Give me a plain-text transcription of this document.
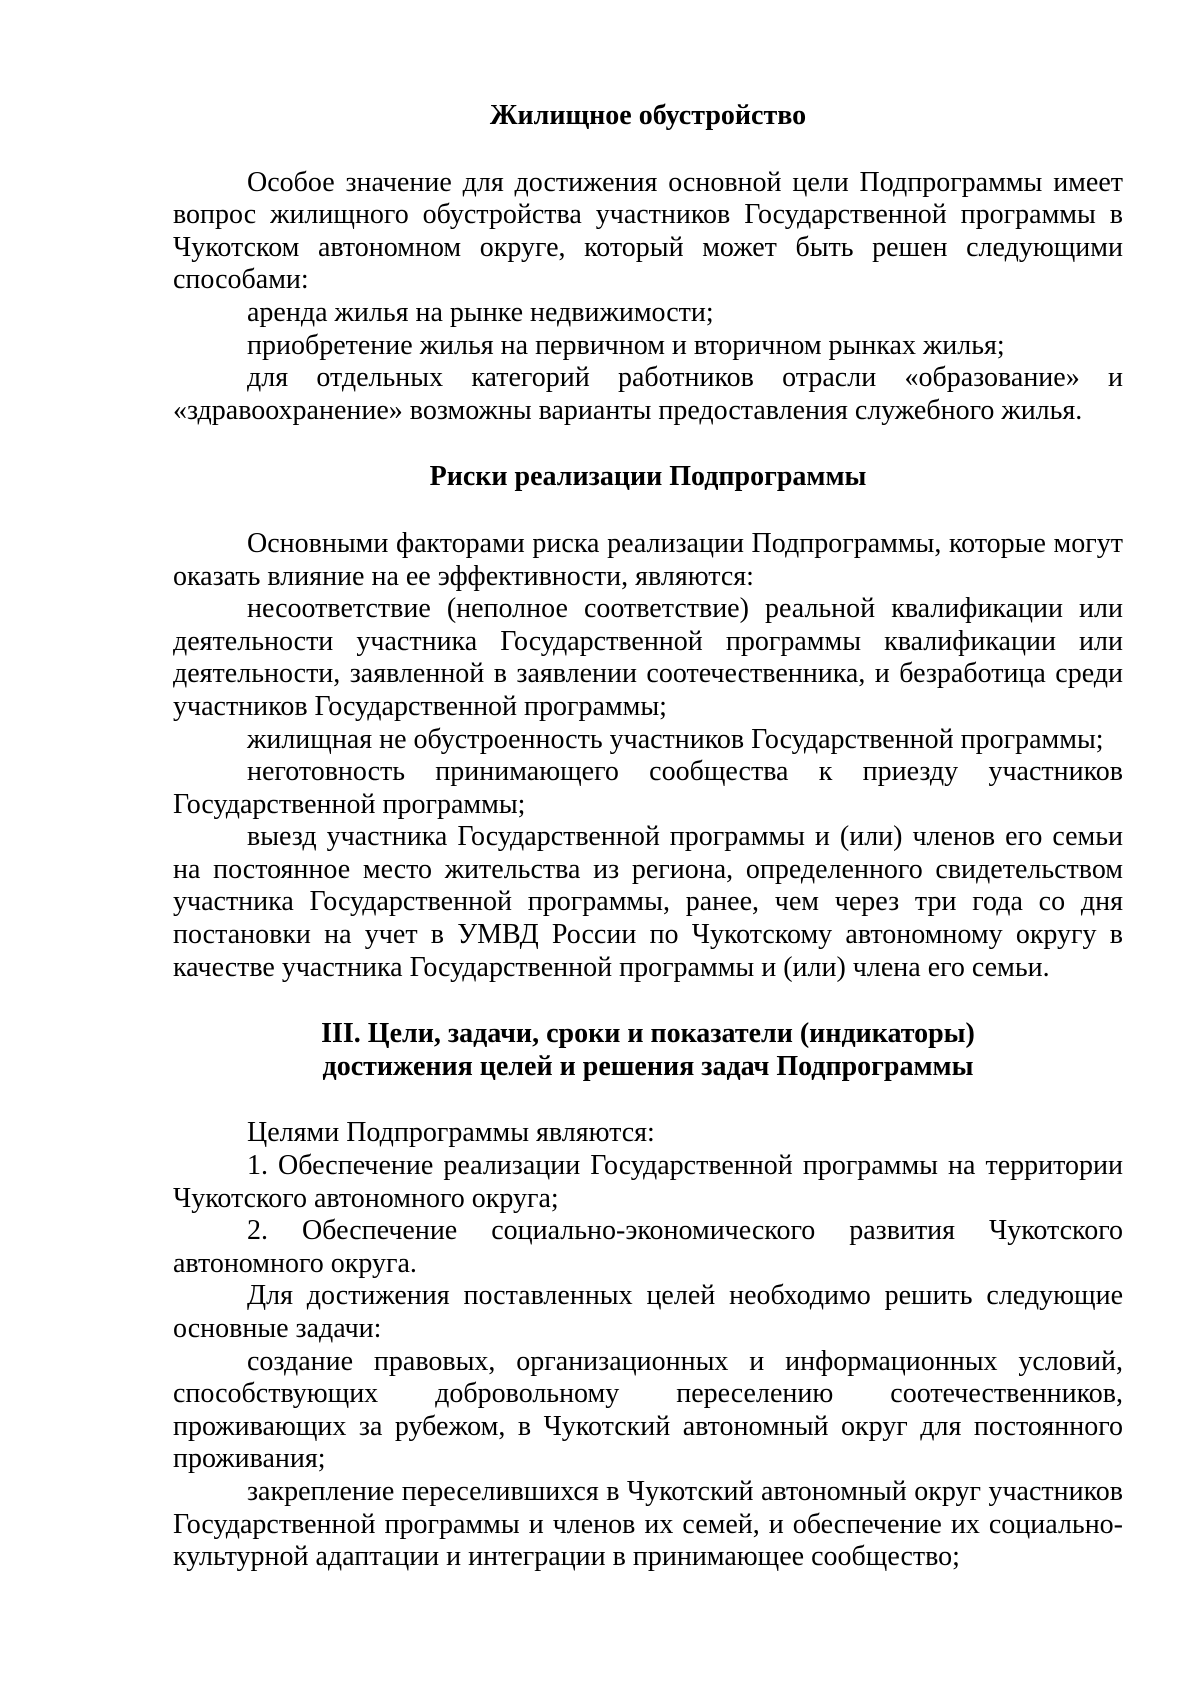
Жилищное обустройство

Особое значение для достижения основной цели Подпрограммы имеет вопрос жилищного обустройства участников Государственной программы в Чукотском автономном округе, который может быть решен следующими способами:

аренда жилья на рынке недвижимости;

приобретение жилья на первичном и вторичном рынках жилья;

для отдельных категорий работников отрасли «образование» и «здравоохранение» возможны варианты предоставления служебного жилья.

Риски реализации Подпрограммы

Основными факторами риска реализации Подпрограммы, которые могут оказать влияние на ее эффективности, являются:

несоответствие (неполное соответствие) реальной квалификации или деятельности участника Государственной программы квалификации или деятельности, заявленной в заявлении соотечественника, и безработица среди участников Государственной программы;

жилищная не обустроенность участников Государственной программы;

неготовность принимающего сообщества к приезду участников Государственной программы;

выезд участника Государственной программы и (или) членов его семьи на постоянное место жительства из региона, определенного свидетельством участника Государственной программы, ранее, чем через три года со дня постановки на учет в УМВД России по Чукотскому автономному округу в качестве участника Государственной программы и (или) члена его семьи.

III. Цели, задачи, сроки и показатели (индикаторы)
достижения целей и решения задач Подпрограммы

Целями Подпрограммы являются:

1. Обеспечение реализации Государственной программы на территории Чукотского автономного округа;

2. Обеспечение социально-экономического развития Чукотского автономного округа.

Для достижения поставленных целей необходимо решить следующие основные задачи:

создание правовых, организационных и информационных условий, способствующих добровольному переселению соотечественников, проживающих за рубежом, в Чукотский автономный округ для постоянного проживания;

закрепление переселившихся в Чукотский автономный округ участников Государственной программы и членов их семей, и обеспечение их социально-культурной адаптации и интеграции в принимающее сообщество;
